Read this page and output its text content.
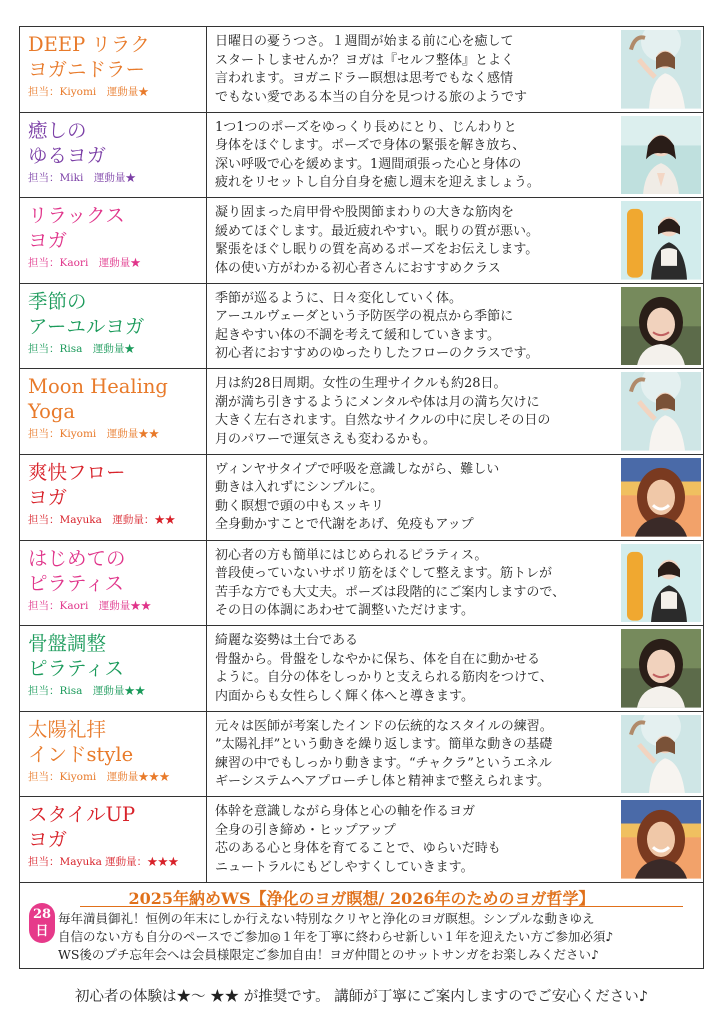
DEEP リラク
ヨガニドラー
担当：Kiyomi　運動量★
日曜日の憂うつさ。１週間が始まる前に心を癒して
スタートしませんか？ヨガは『セルフ整体』とよく
言われます。ヨガニドラー瞑想は思考でもなく感情
でもない愛である本当の自分を見つける旅のようです
癒しの
ゆるヨガ
担当：Miki　運動量★
1つ1つのポーズをゆっくり長めにとり、じんわりと
身体をほぐします。ポーズで身体の緊張を解き放ち、
深い呼吸で心を緩めます。1週間頑張った心と身体の
疲れをリセットし自分自身を癒し週末を迎えましょう。
リラックス
ヨガ
担当：Kaori　運動量★
凝り固まった肩甲骨や股関節まわりの大きな筋肉を
緩めてほぐします。最近疲れやすい。眠りの質が悪い。
緊張をほぐし眠りの質を高めるポーズをお伝えします。
体の使い方がわかる初心者さんにおすすめクラス
季節の
アーユルヨガ
担当：Risa　運動量★
季節が巡るように、日々変化していく体。
アーユルヴェーダという予防医学の視点から季節に
起きやすい体の不調を考えて緩和していきます。
初心者におすすめのゆったりしたフローのクラスです。
Moon Healing
Yoga
担当：Kiyomi　運動量★★
月は約28日周期。女性の生理サイクルも約28日。
潮が満ち引きするようにメンタルや体は月の満ち欠けに
大きく左右されます。自然なサイクルの中に戻しその日の
月のパワーで運気さえも変わるかも。
爽快フロー
ヨガ
担当：Mayuka　運動量：★★
ヴィンヤサタイプで呼吸を意識しながら、難しい
動きは入れずにシンプルに。
動く瞑想で頭の中もスッキリ
全身動かすことで代謝をあげ、免疫もアップ
はじめての
ピラティス
担当：Kaori　運動量★★
初心者の方も簡単にはじめられるピラティス。
普段使っていないサボリ筋をほぐして整えます。筋トレが
苦手な方でも大丈夫。ポーズは段階的にご案内しますので、
その日の体調にあわせて調整いただけます。
骨盤調整
ピラティス
担当：Risa　運動量★★
綺麗な姿勢は土台である
骨盤から。骨盤をしなやかに保ち、体を自在に動かせる
ように。自分の体をしっかりと支えられる筋肉をつけて、
内面からも女性らしく輝く体へと導きます。
太陽礼拝
インドstyle
担当：Kiyomi　運動量★★★
元々は医師が考案したインドの伝統的なスタイルの練習。
”太陽礼拝”という動きを繰り返します。簡単な動きの基礎
練習の中でもしっかり動きます。“チャクラ”というエネル
ギーシステムへアプローチし体と精神まで整えられます。
スタイルUP
ヨガ
担当：Mayuka 運動量：★★★
体幹を意識しながら身体と心の軸を作るヨガ
全身の引き締め・ヒップアップ
芯のある心と身体を育てることで、ゆらいだ時も
ニュートラルにもどしやすくしていきます。
2025年納めWS【浄化のヨガ瞑想/ 2026年のためのヨガ哲学】
28
日
毎年満員御礼！恒例の年末にしか行えない特別なクリヤと浄化のヨガ瞑想。シンプルな動きゆえ
自信のない方も自分のペースでご参加◎１年を丁寧に終わらせ新しい１年を迎えたい方ご参加必須♪
WS後のプチ忘年会へは会員様限定ご参加自由！ヨガ仲間とのサットサンガをお楽しみください♪
初心者の体験は★〜 ★★ が推奨です。 講師が丁寧にご案内しますのでご安心ください♪
